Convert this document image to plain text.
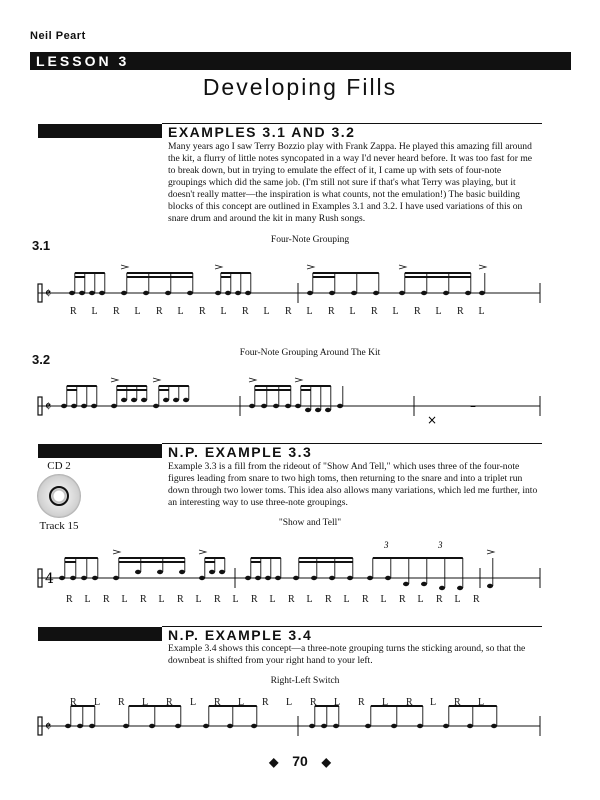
Neil Peart
LESSON 3
Developing Fills
EXAMPLES 3.1 AND 3.2
Many years ago I saw Terry Bozzio play with Frank Zappa. He played this amazing fill around the kit, a flurry of little notes syncopated in a way I'd never heard before. It was too fast for me to break down, but in trying to emulate the effect of it, I came up with sets of four-note groupings which did the same job. (I'm still not sure if that's what Terry was playing, but it doesn't really matter—the inspiration is what counts, not the emulation!) The basic building blocks of this concept are outlined in Examples 3.1 and 3.2. I have used variations of this on snare drum and around the kit in many Rush songs.
3.1	Four-Note Grouping
𝄵
R L R L R L R L R L R L R L R L R L R L
3.2	Four-Note Grouping Around The Kit
𝄵
×
–
N.P. EXAMPLE 3.3
Example 3.3 is a fill from the rideout of "Show And Tell," which uses three of the four-note figures leading from snare to two high toms, then returning to the snare and into a triplet run down through two lower toms. This idea also allows many variations, which led me further, into an interesting way to use three-note groupings.
CD 2
Track 15	"Show and Tell"
4
3	3
R L R L R L R L R L R L R L R L R L R L R L R
N.P. EXAMPLE 3.4
Example 3.4 shows this concept—a three-note grouping turns the sticking around, so that the downbeat is shifted from your right hand to your left.
Right-Left Switch
R L R L R L R L R L R L R L R L R L
𝄵
◆ 70 ◆
